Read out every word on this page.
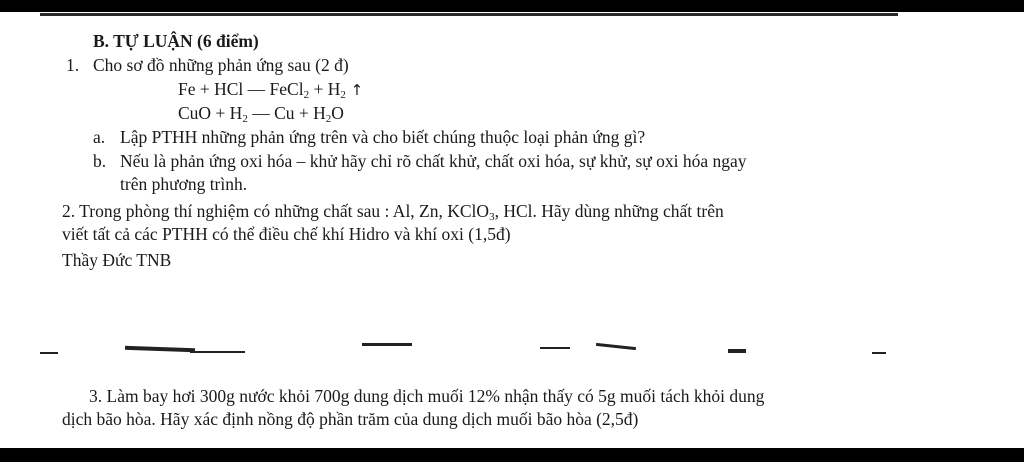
B. TỰ LUẬN (6 điểm)
1. Cho sơ đồ những phản ứng sau (2 đ)
Fe + HCl — FeCl$_2$ + $H_2$ ↑
CuO + $H_2$ — $Cu + H_2O$
a. Lập PTHH những phản ứng trên và cho biết chúng thuộc loại phản ứng gì?
b. Nếu là phản ứng oxi hóa – khử hãy chỉ rõ chất khử, chất oxi hóa, sự khử, sự oxi hóa ngay
trên phương trình.
2. Trong phòng thí nghiệm có những chất sau : Al, Zn, KClO$_3$, HCl. Hãy dùng những chất trên
viết tất cả các PTHH có thể điều chế khí Hidro và khí oxi (1,5đ)
Thầy Đức TNB
3. Làm bay hơi 300g nước khỏi 700g dung dịch muối 12% nhận thấy có 5g muối tách khỏi dung
dịch bão hòa. Hãy xác định nồng độ phần trăm của dung dịch muối bão hòa (2,5đ)
